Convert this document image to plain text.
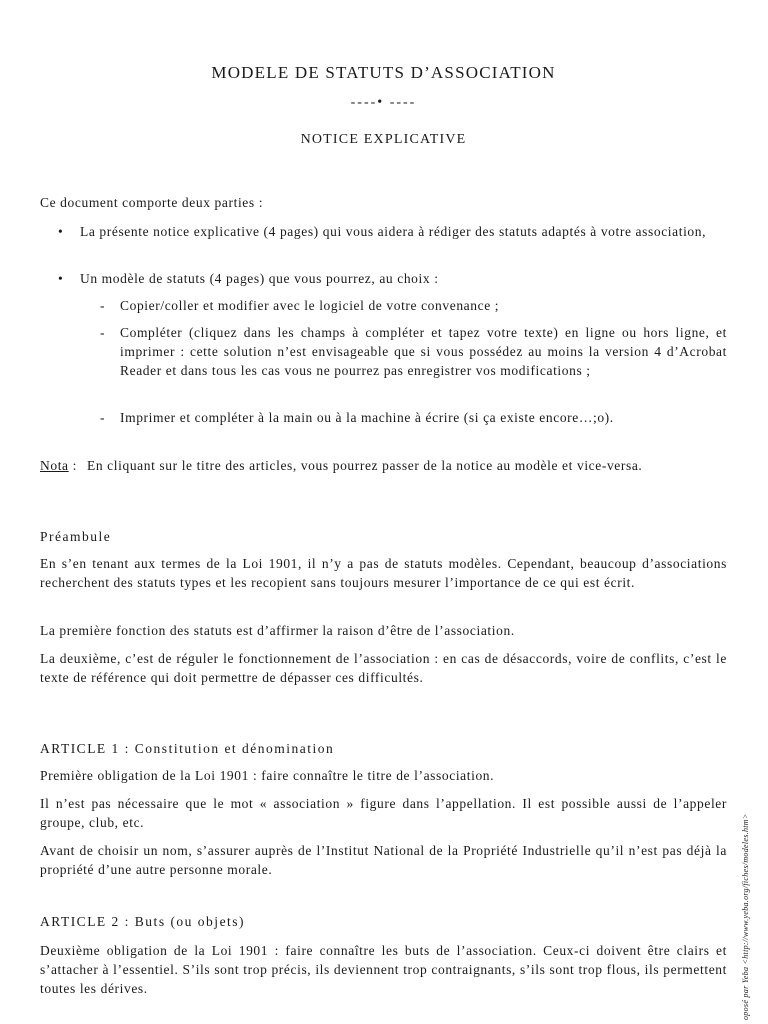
MODELE DE STATUTS D’ASSOCIATION
----• ----
NOTICE EXPLICATIVE

Ce document comporte deux parties :

• La présente notice explicative (4 pages) qui vous aidera à rédiger des statuts adaptés à votre association,
• Un modèle de statuts (4 pages) que vous pourrez, au choix :
- Copier/coller et modifier avec le logiciel de votre convenance ;
- Compléter (cliquez dans les champs à compléter et tapez votre texte) en ligne ou hors ligne, et imprimer : cette solution n’est envisageable que si vous possédez au moins la version 4 d’Acrobat Reader et dans tous les cas vous ne pourrez pas enregistrer vos modifications ;
- Imprimer et compléter à la main ou à la machine à écrire (si ça existe encore…;o).
Nota : En cliquant sur le titre des articles, vous pourrez passer de la notice au modèle et vice-versa.
Préambule

En s’en tenant aux termes de la Loi 1901, il n’y a pas de statuts modèles. Cependant, beaucoup d’associations recherchent des statuts types et les recopient sans toujours mesurer l’importance de ce qui est écrit.

La première fonction des statuts est d’affirmer la raison d’être de l’association.

La deuxième, c’est de réguler le fonctionnement de l’association : en cas de désaccords, voire de conflits, c’est le texte de référence qui doit permettre de dépasser ces difficultés.

ARTICLE 1 : Constitution et dénomination

Première obligation de la Loi 1901 : faire connaître le titre de l’association.

Il n’est pas nécessaire que le mot « association » figure dans l’appellation. Il est possible aussi de l’appeler groupe, club, etc.

Avant de choisir un nom, s’assurer auprès de l’Institut National de la Propriété Industrielle qu’il n’est pas déjà la propriété d’une autre personne morale.

ARTICLE 2 : Buts (ou objets)

Deuxième obligation de la Loi 1901 : faire connaître les buts de l’association. Ceux-ci doivent être clairs et s’attacher à l’essentiel. S’ils sont trop précis, ils deviennent trop contraignants, s’ils sont trop flous, ils permettent toutes les dérives.	oposé par Yeba <http://www.yeba.org/fiches/modeles.htm>
